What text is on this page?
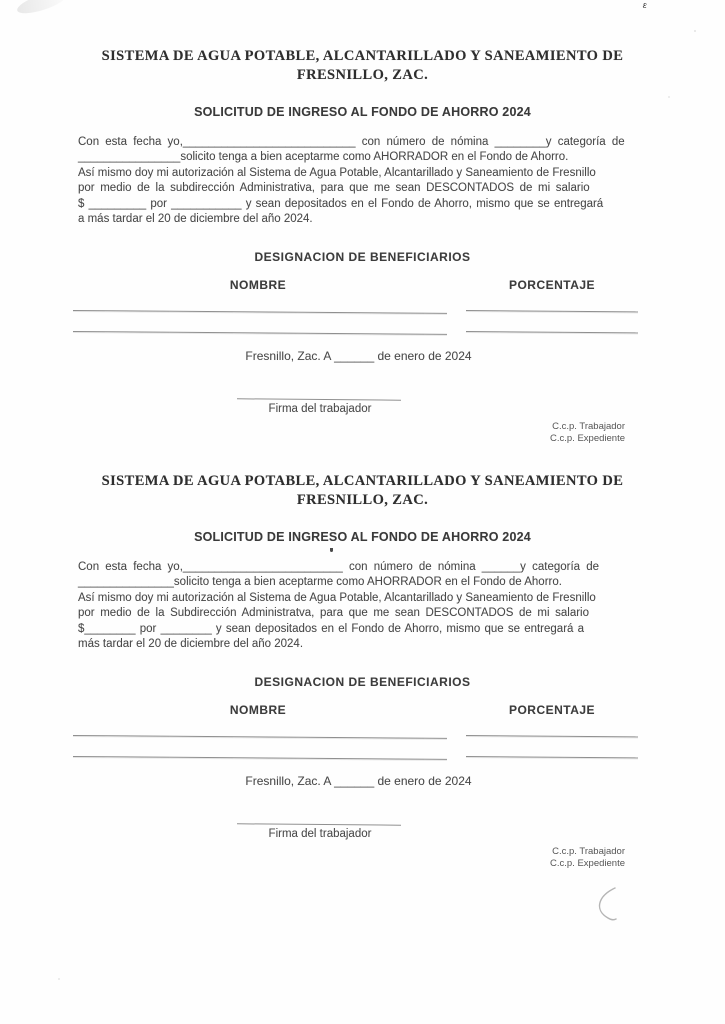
SISTEMA DE AGUA POTABLE, ALCANTARILLADO Y SANEAMIENTO DE
FRESNILLO, ZAC.
SOLICITUD DE INGRESO AL FONDO DE AHORRO 2024

Con esta fecha yo,___________________________ con número de nómina ________y categoría de

________________solicito tenga a bien aceptarme como AHORRADOR en el Fondo de Ahorro.

Así mismo doy mi autorización al Sistema de Agua Potable, Alcantarillado y Saneamiento de Fresnillo

por medio de la subdirección Administrativa, para que me sean DESCONTADOS de mi salario

$ _________ por ___________ y sean depositados en el Fondo de Ahorro, mismo que se entregará

a más tardar el 20 de diciembre del año 2024.

DESIGNACION DE BENEFICIARIOS
NOMBRE	PORCENTAJE
Fresnillo, Zac. A ______ de enero de 2024
Firma del trabajador
C.c.p. Trabajador
C.c.p. Expediente
SISTEMA DE AGUA POTABLE, ALCANTARILLADO Y SANEAMIENTO DE
FRESNILLO, ZAC.
SOLICITUD DE INGRESO AL FONDO DE AHORRO 2024

Con esta fecha yo,_________________________ con número de nómina ______y categoría de

_______________solicito tenga a bien aceptarme como AHORRADOR en el Fondo de Ahorro.

Así mismo doy mi autorización al Sistema de Agua Potable, Alcantarillado y Saneamiento de Fresnillo

por medio de la Subdirección Administratva, para que me sean DESCONTADOS de mi salario

$________ por ________ y sean depositados en el Fondo de Ahorro, mismo que se entregará a

más tardar el 20 de diciembre del año 2024.

DESIGNACION DE BENEFICIARIOS
NOMBRE	PORCENTAJE
Fresnillo, Zac. A ______ de enero de 2024
Firma del trabajador
C.c.p. Trabajador
C.c.p. Expediente
ε
